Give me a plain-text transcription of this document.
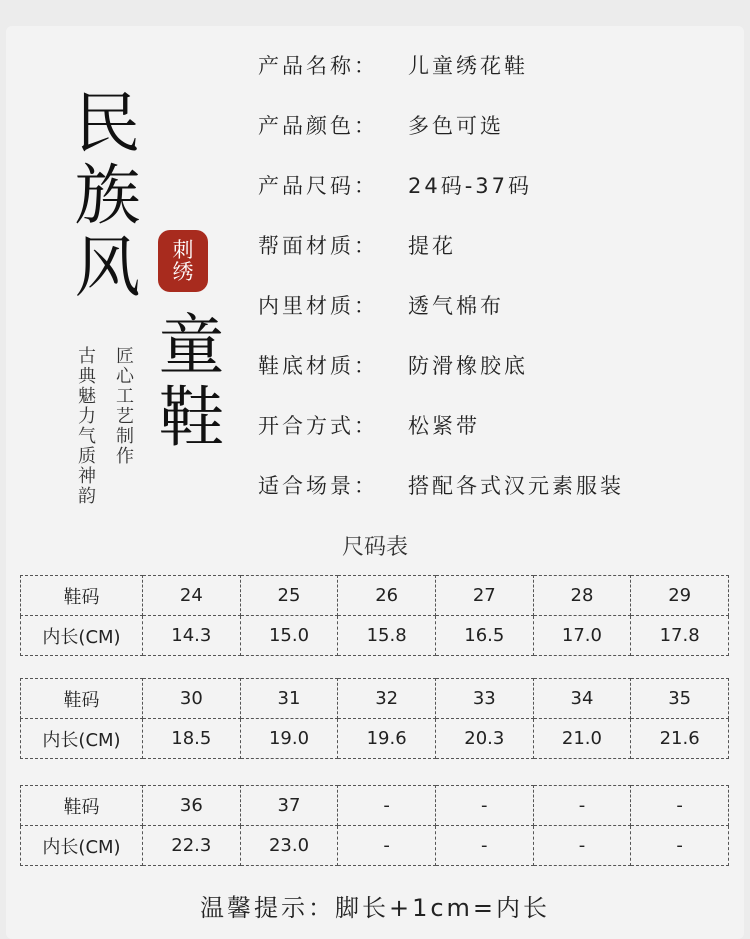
民族风 刺
绣
童鞋
匠心工艺制作
古典魅力气质神韵
产品名称： 儿童绣花鞋
产品颜色： 多色可选
产品尺码： 24码-37码
帮面材质： 提花
内里材质： 透气棉布
鞋底材质： 防滑橡胶底
开合方式： 松紧带
适合场景： 搭配各式汉元素服装
尺码表
鞋码	24	25	26	27	28	29
内长(CM)	14.3	15.0	15.8	16.5	17.0	17.8
鞋码	30	31	32	33	34	35
内长(CM)	18.5	19.0	19.6	20.3	21.0	21.6
鞋码	36	37	-	-	-	-
内长(CM)	22.3	23.0	-	-	-	-
温馨提示：脚长+1cm=内长
